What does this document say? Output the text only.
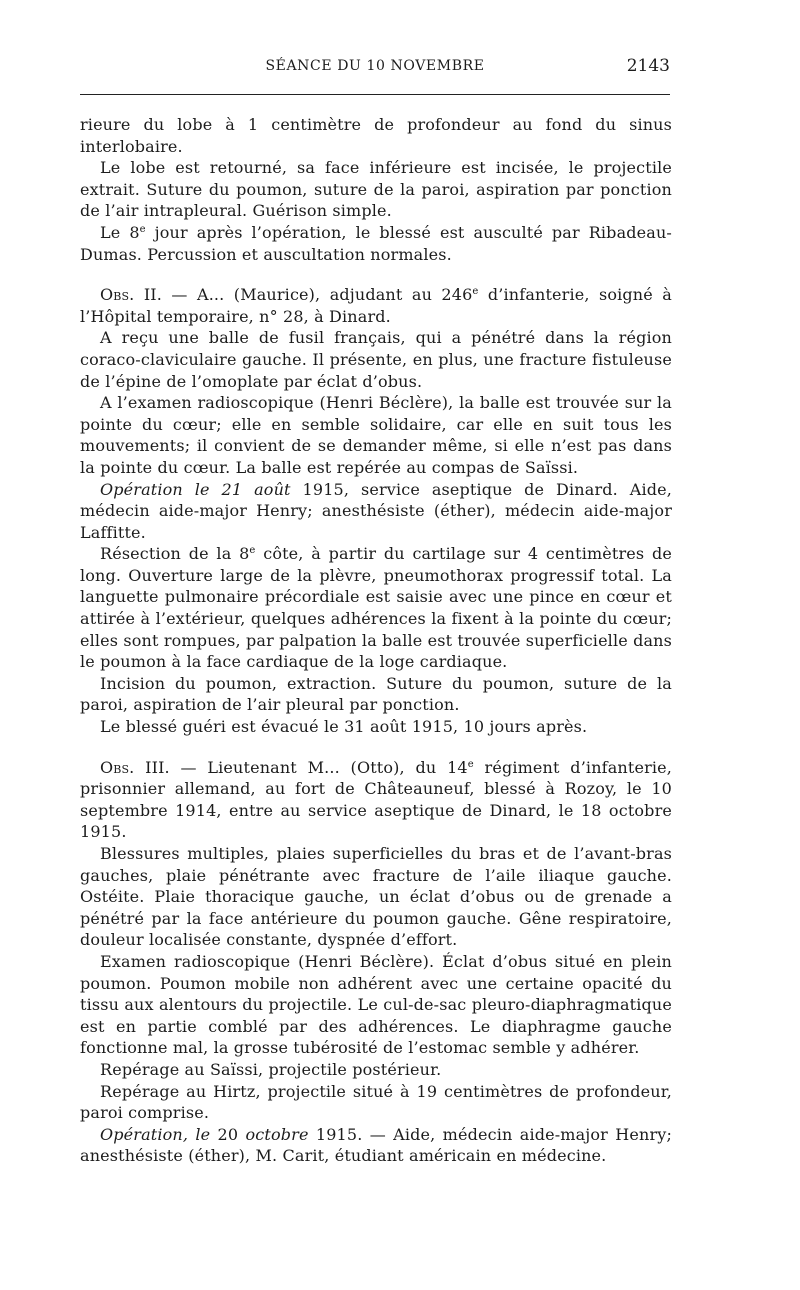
SÉANCE DU 10 NOVEMBRE	2143

rieure du lobe à 1 centimètre de profondeur au fond du sinus interlobaire.

Le lobe est retourné, sa face inférieure est incisée, le projectile extrait. Suture du poumon, suture de la paroi, aspiration par ponction de l’air intrapleural. Guérison simple.

Le 8e jour après l’opération, le blessé est ausculté par Ribadeau-Dumas. Percussion et auscultation normales.

Obs. II. — A... (Maurice), adjudant au 246e d’infanterie, soigné à l’Hôpital temporaire, n° 28, à Dinard.

A reçu une balle de fusil français, qui a pénétré dans la région coraco-claviculaire gauche. Il présente, en plus, une fracture fistuleuse de l’épine de l’omoplate par éclat d’obus.

A l’examen radioscopique (Henri Béclère), la balle est trouvée sur la pointe du cœur; elle en semble solidaire, car elle en suit tous les mouvements; il convient de se demander même, si elle n’est pas dans la pointe du cœur. La balle est repérée au compas de Saïssi.

Opération le 21 août 1915, service aseptique de Dinard. Aide, médecin aide-major Henry; anesthésiste (éther), médecin aide-major Laffitte.

Résection de la 8e côte, à partir du cartilage sur 4 centimètres de long. Ouverture large de la plèvre, pneumothorax progressif total. La languette pulmonaire précordiale est saisie avec une pince en cœur et attirée à l’extérieur, quelques adhérences la fixent à la pointe du cœur; elles sont rompues, par palpation la balle est trouvée superficielle dans le poumon à la face cardiaque de la loge cardiaque.

Incision du poumon, extraction. Suture du poumon, suture de la paroi, aspiration de l’air pleural par ponction.

Le blessé guéri est évacué le 31 août 1915, 10 jours après.

Obs. III. — Lieutenant M... (Otto), du 14e régiment d’infanterie, prisonnier allemand, au fort de Châteauneuf, blessé à Rozoy, le 10 septembre 1914, entre au service aseptique de Dinard, le 18 octobre 1915.

Blessures multiples, plaies superficielles du bras et de l’avant-bras gauches, plaie pénétrante avec fracture de l’aile iliaque gauche. Ostéite. Plaie thoracique gauche, un éclat d’obus ou de grenade a pénétré par la face antérieure du poumon gauche. Gêne respiratoire, douleur localisée constante, dyspnée d’effort.

Examen radioscopique (Henri Béclère). Éclat d’obus situé en plein poumon. Poumon mobile non adhérent avec une certaine opacité du tissu aux alentours du projectile. Le cul-de-sac pleuro-diaphragmatique est en partie comblé par des adhérences. Le diaphragme gauche fonctionne mal, la grosse tubérosité de l’estomac semble y adhérer.

Repérage au Saïssi, projectile postérieur.

Repérage au Hirtz, projectile situé à 19 centimètres de profondeur, paroi comprise.

Opération, le 20 octobre 1915. — Aide, médecin aide-major Henry; anesthésiste (éther), M. Carit, étudiant américain en médecine.
